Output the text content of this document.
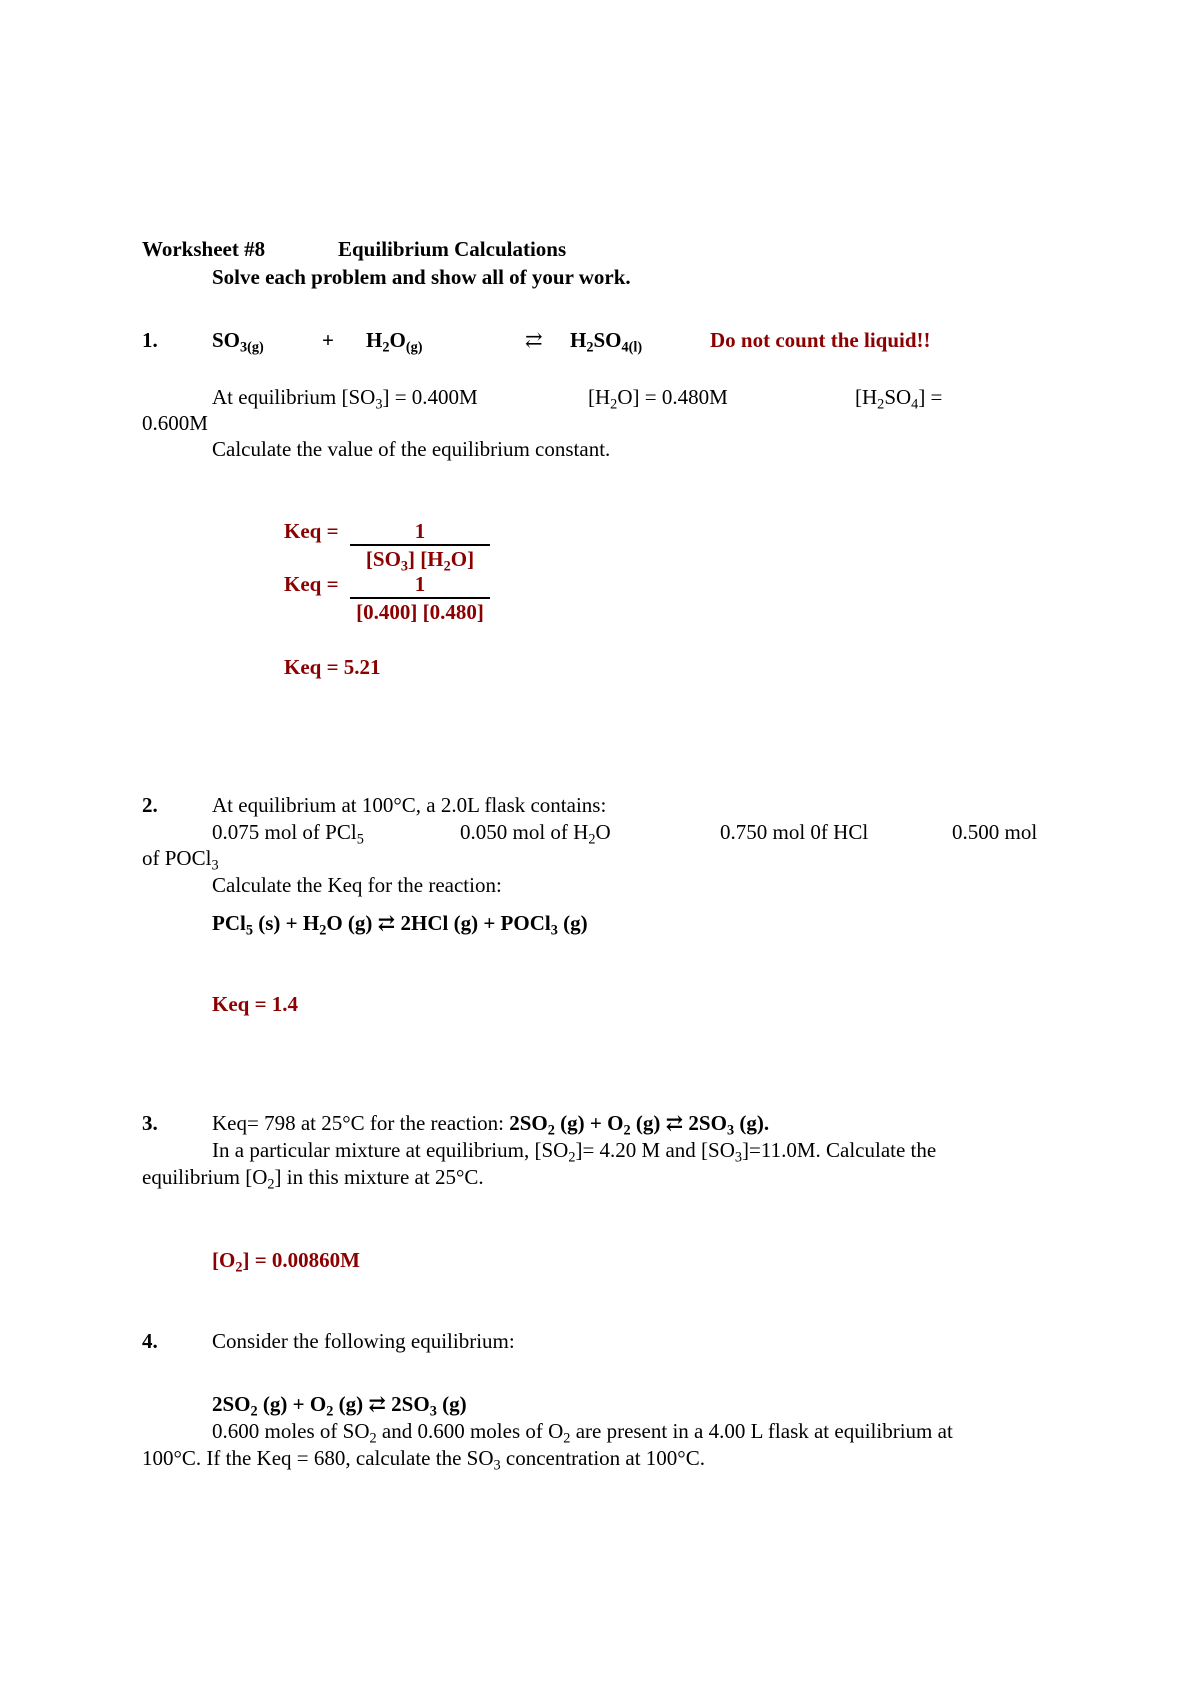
Worksheet #8	Equilibrium Calculations
Solve each problem and show all of your work.
1.	$SO_{3(g)}$	+ $H_2O_{(g)}$	⇄ $H_2SO_{4(l)}$	Do not count the liquid!!
At equilibrium $[SO_3] = 0.400M$	$[H_2O] = 0.480M$	$[H_2SO_4]$ =
0.600M
Calculate the value of the equilibrium constant.
Keq = $\frac{1}{[SO_3] [H_2O]}$
Keq = $\frac{1}{[0.400] [0.480]}$
Keq = 5.21
2.	At equilibrium at 100°C, a 2.0L flask contains:
0.075 mol of PCl$_5$	0.050 mol of $H_2O$	0.750 mol 0f HCl	0.500 mol
of POCl$_3$
Calculate the Keq for the reaction:
PCl$_5$ $(s) + H_2O$ (g) ⇄ 2HCl (g) + POCl$_3$ (g)
Keq = 1.4
3.	Keq= 798 at 25°C for the reaction: $2SO_2$ $(g) + O_2$ (g) ⇄ $2SO_3$ (g).
In a particular mixture at equilibrium, $[SO_2]= 4.20$ M and $[SO_3]=11.0M$. Calculate the
equilibrium $[O_2]$ in this mixture at 25°C.
$[O_2] = 0.00860M$
4.	Consider the following equilibrium:
$2SO_2$ $(g) + O_2$ (g) ⇄ $2SO_3$ (g)
0.600 moles of $SO_2$ and 0.600 moles of $O_2$ are present in a 4.00 L flask at equilibrium at
100°C. If the Keq = 680, calculate the $SO_3$ concentration at 100°C.
